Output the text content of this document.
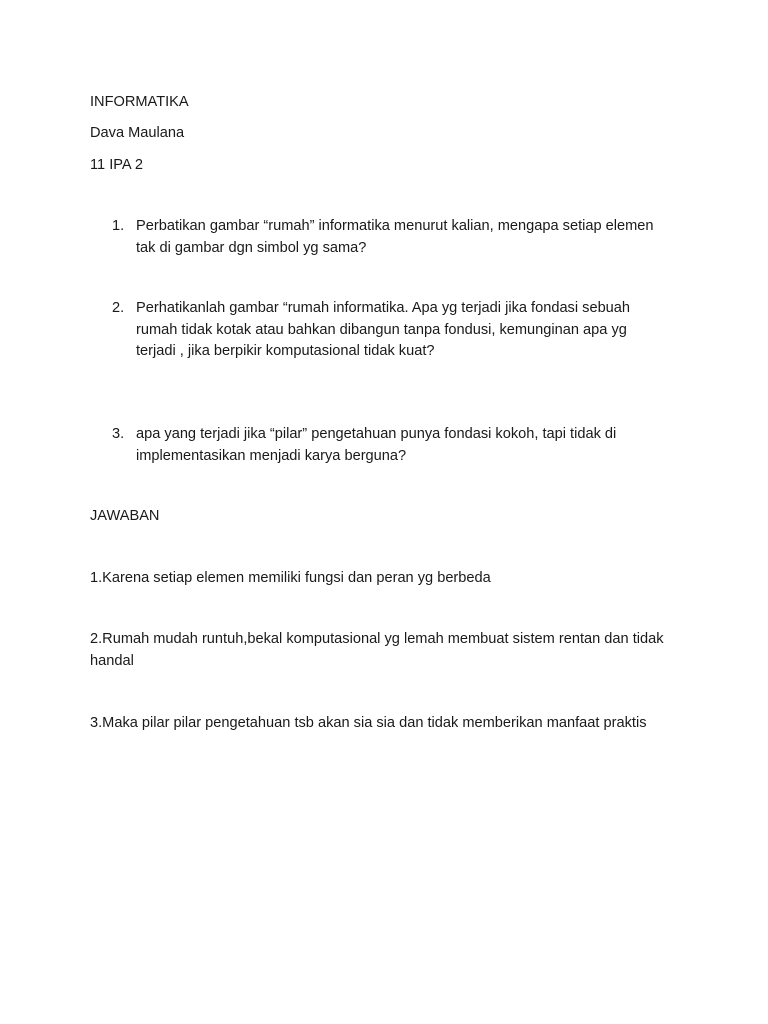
INFORMATIKA
Dava Maulana
11 IPA 2
1. Perbatikan gambar “rumah” informatika menurut kalian, mengapa setiap elemen tak di gambar dgn simbol yg sama?
2. Perhatikanlah gambar “rumah informatika. Apa yg terjadi jika fondasi sebuah rumah tidak kotak atau bahkan dibangun tanpa fondusi, kemunginan apa yg terjadi , jika berpikir komputasional tidak kuat?
3. apa yang terjadi jika “pilar” pengetahuan punya fondasi kokoh, tapi tidak di implementasikan menjadi karya berguna?
JAWABAN
1.Karena setiap elemen memiliki fungsi dan peran yg berbeda
2.Rumah mudah runtuh,bekal komputasional yg lemah membuat sistem rentan dan tidak handal
3.Maka pilar pilar pengetahuan tsb akan sia sia dan tidak memberikan manfaat praktis
